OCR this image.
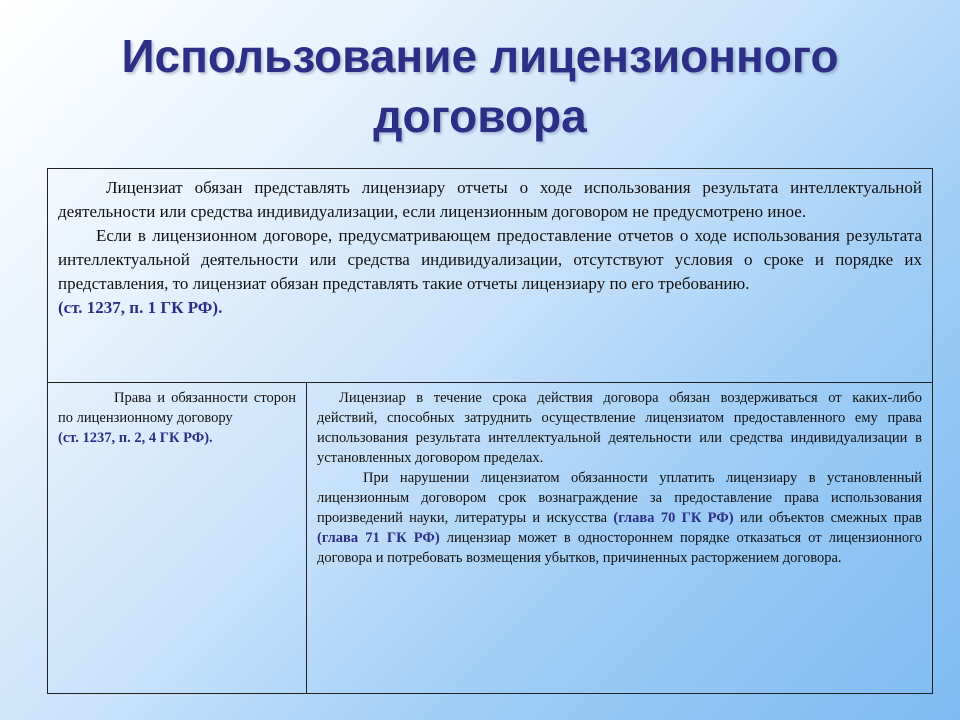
Использование лицензионного
договора

Лицензиат обязан представлять лицензиару отчеты о ходе использования результата интеллектуальной деятельности или средства индивидуализации, если лицензионным договором не предусмотрено иное.

Если в лицензионном договоре, предусматривающем предоставление отчетов о ходе использования результата интеллектуальной деятельности или средства индивидуализации, отсутствуют условия о сроке и порядке их представления, то лицензиат обязан представлять такие отчеты лицензиару по его требованию.

(ст. 1237, п. 1 ГК РФ).

Права и обязанности сторон по лицензионному договору

(ст. 1237, п. 2, 4 ГК РФ).

Лицензиар в течение срока действия договора обязан воздерживаться от каких-либо действий, способных затруднить осуществление лицензиатом предоставленного ему права использования результата интеллектуальной деятельности или средства индивидуализации в установленных договором пределах.

При нарушении лицензиатом обязанности уплатить лицензиару в установленный лицензионным договором срок вознаграждение за предоставление права использования произведений науки, литературы и искусства (глава 70 ГК РФ) или объектов смежных прав (глава 71 ГК РФ) лицензиар может в одностороннем порядке отказаться от лицензионного договора и потребовать возмещения убытков, причиненных расторжением договора.
